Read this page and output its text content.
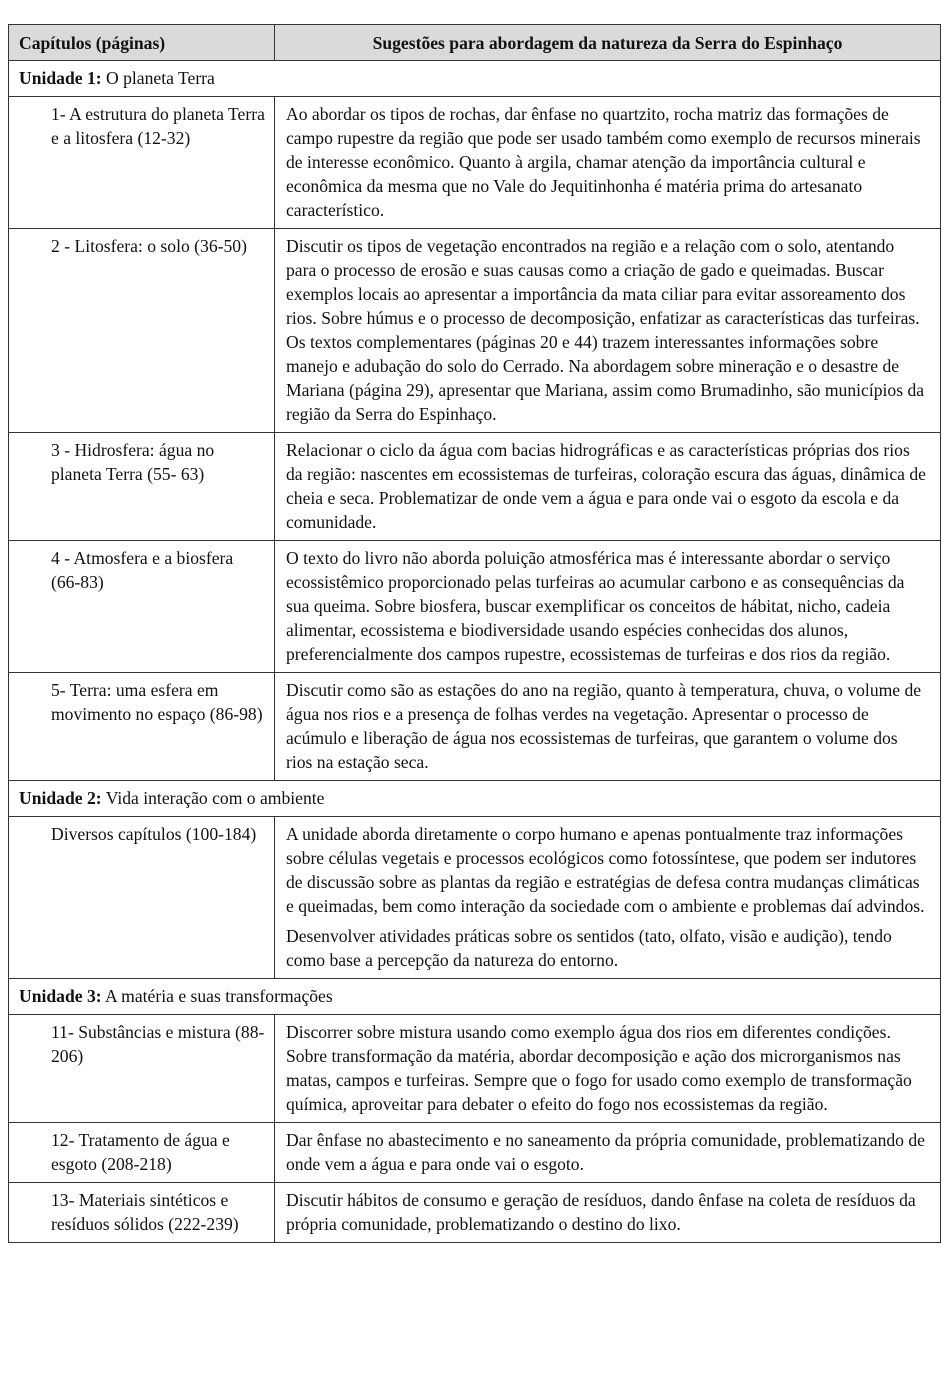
Capítulos (páginas)	Sugestões para abordagem da natureza da Serra do Espinhaço
Unidade 1: O planeta Terra	
1- A estrutura do planeta Terra e a litosfera (12-32)	Ao abordar os tipos de rochas, dar ênfase no quartzito, rocha matriz das formações de campo rupestre da região que pode ser usado também como exemplo de recursos minerais de interesse econômico. Quanto à argila, chamar atenção da importância cultural e econômica da mesma que no Vale do Jequitinhonha é matéria prima do artesanato característico.

2 - Litosfera: o solo (36-50)	Discutir os tipos de vegetação encontrados na região e a relação com o solo, atentando para o processo de erosão e suas causas como a criação de gado e queimadas. Buscar exemplos locais ao apresentar a importância da mata ciliar para evitar assoreamento dos rios. Sobre húmus e o processo de decomposição, enfatizar as características das turfeiras. Os textos complementares (páginas 20 e 44) trazem interessantes informações sobre manejo e adubação do solo do Cerrado. Na abordagem sobre mineração e o desastre de Mariana (página 29), apresentar que Mariana, assim como Brumadinho, são municípios da região da Serra do Espinhaço.

3 - Hidrosfera: água no planeta Terra (55- 63)	Relacionar o ciclo da água com bacias hidrográficas e as características próprias dos rios da região: nascentes em ecossistemas de turfeiras, coloração escura das águas, dinâmica de cheia e seca. Problematizar de onde vem a água e para onde vai o esgoto da escola e da comunidade.

4 - Atmosfera e a biosfera (66-83)	O texto do livro não aborda poluição atmosférica mas é interessante abordar o serviço ecossistêmico proporcionado pelas turfeiras ao acumular carbono e as consequências da sua queima. Sobre biosfera, buscar exemplificar os conceitos de hábitat, nicho, cadeia alimentar, ecossistema e biodiversidade usando espécies conhecidas dos alunos, preferencialmente dos campos rupestre, ecossistemas de turfeiras e dos rios da região.

5- Terra: uma esfera em movimento no espaço (86-98)	Discutir como são as estações do ano na região, quanto à temperatura, chuva, o volume de água nos rios e a presença de folhas verdes na vegetação. Apresentar o processo de acúmulo e liberação de água nos ecossistemas de turfeiras, que garantem o volume dos rios na estação seca.

Unidade 2: Vida interação com o ambiente	
Diversos capítulos (100-184)	A unidade aborda diretamente o corpo humano e apenas pontualmente traz informações sobre células vegetais e processos ecológicos como fotossíntese, que podem ser indutores de discussão sobre as plantas da região e estratégias de defesa contra mudanças climáticas e queimadas, bem como interação da sociedade com o ambiente e problemas daí advindos.
Desenvolver atividades práticas sobre os sentidos (tato, olfato, visão e audição), tendo como base a percepção da natureza do entorno.

Unidade 3: A matéria e suas transformações	
11- Substâncias e mistura (88-206)	Discorrer sobre mistura usando como exemplo água dos rios em diferentes condições. Sobre transformação da matéria, abordar decomposição e ação dos microrganismos nas matas, campos e turfeiras. Sempre que o fogo for usado como exemplo de transformação química, aproveitar para debater o efeito do fogo nos ecossistemas da região.

12- Tratamento de água e esgoto (208-218)	Dar ênfase no abastecimento e no saneamento da própria comunidade, problematizando de onde vem a água e para onde vai o esgoto.

13- Materiais sintéticos e resíduos sólidos (222-239)	Discutir hábitos de consumo e geração de resíduos, dando ênfase na coleta de resíduos da própria comunidade, problematizando o destino do lixo.
